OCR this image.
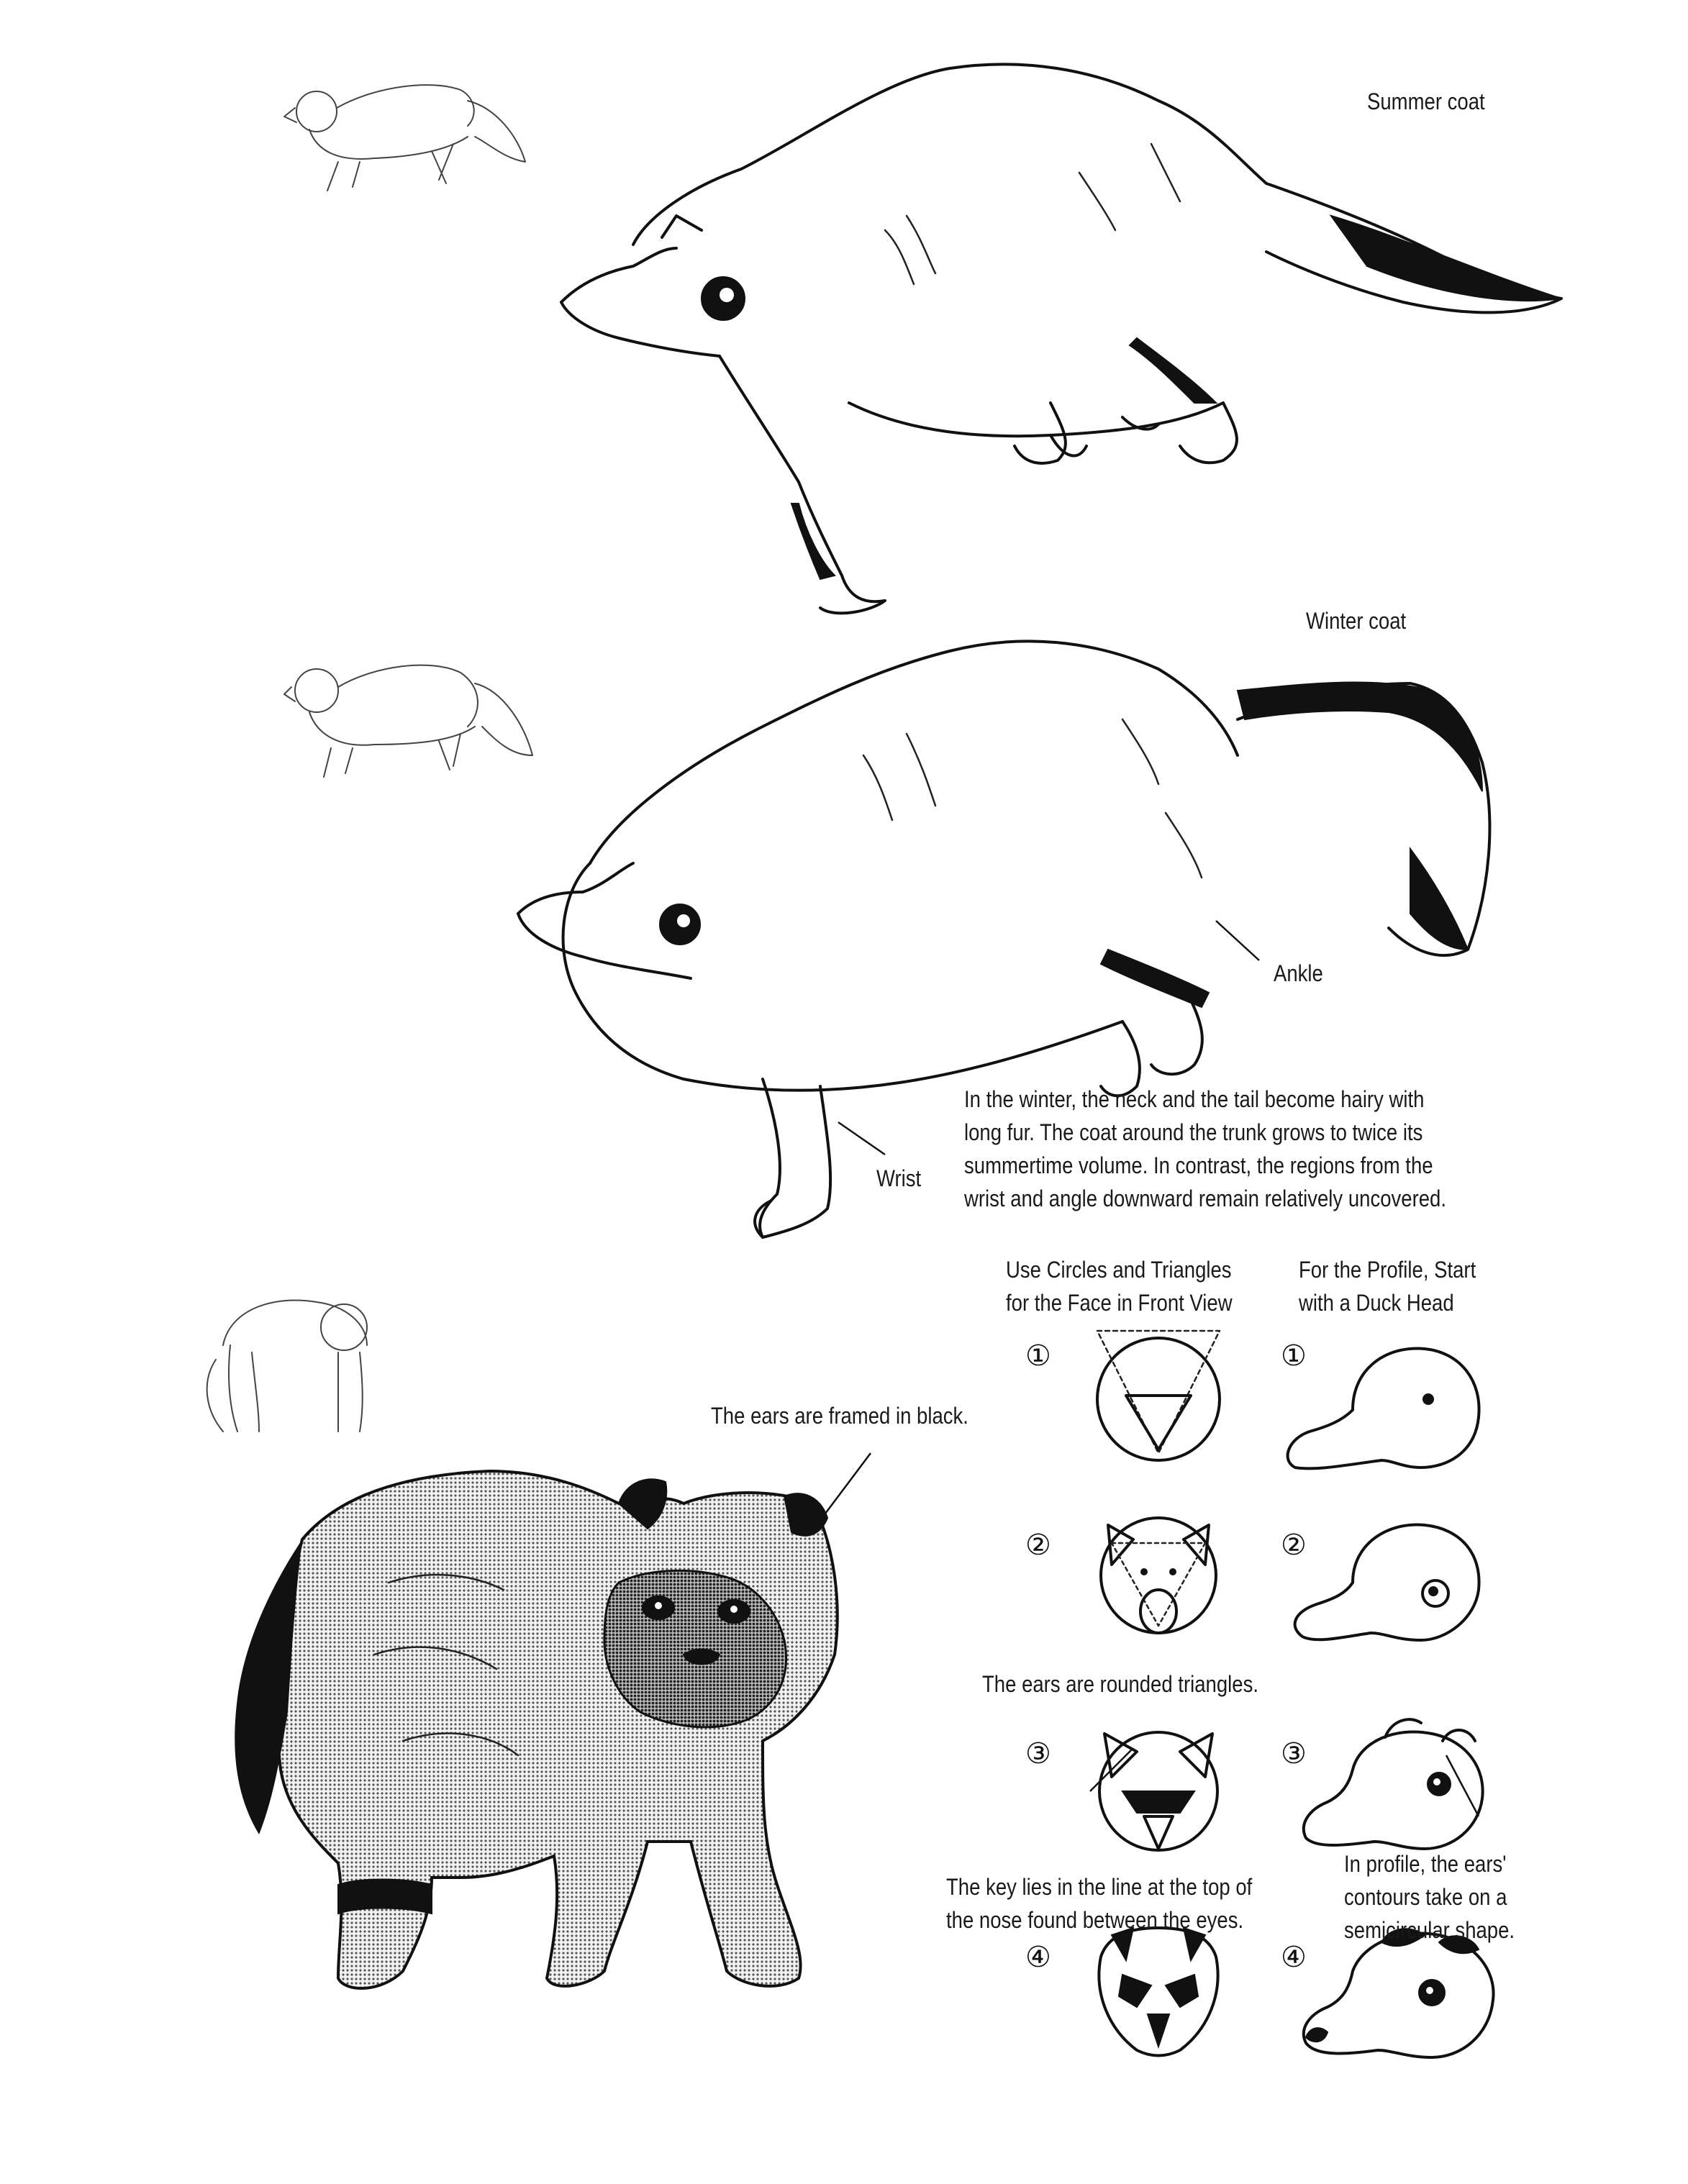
Summer coat
Winter coat
Ankle
Wrist
In the winter, the neck and the tail become hairy with
long fur. The coat around the trunk grows to twice its
summertime volume. In contrast, the regions from the
wrist and angle downward remain relatively uncovered.
Use Circles and Triangles
for the Face in Front View
For the Profile, Start
with a Duck Head
①
②
③
④
①
②
③
④
The ears are framed in black.
The ears are rounded triangles.
The key lies in the line at the top of
the nose found between the eyes.
In profile, the ears'
contours take on a
semicircular shape.
